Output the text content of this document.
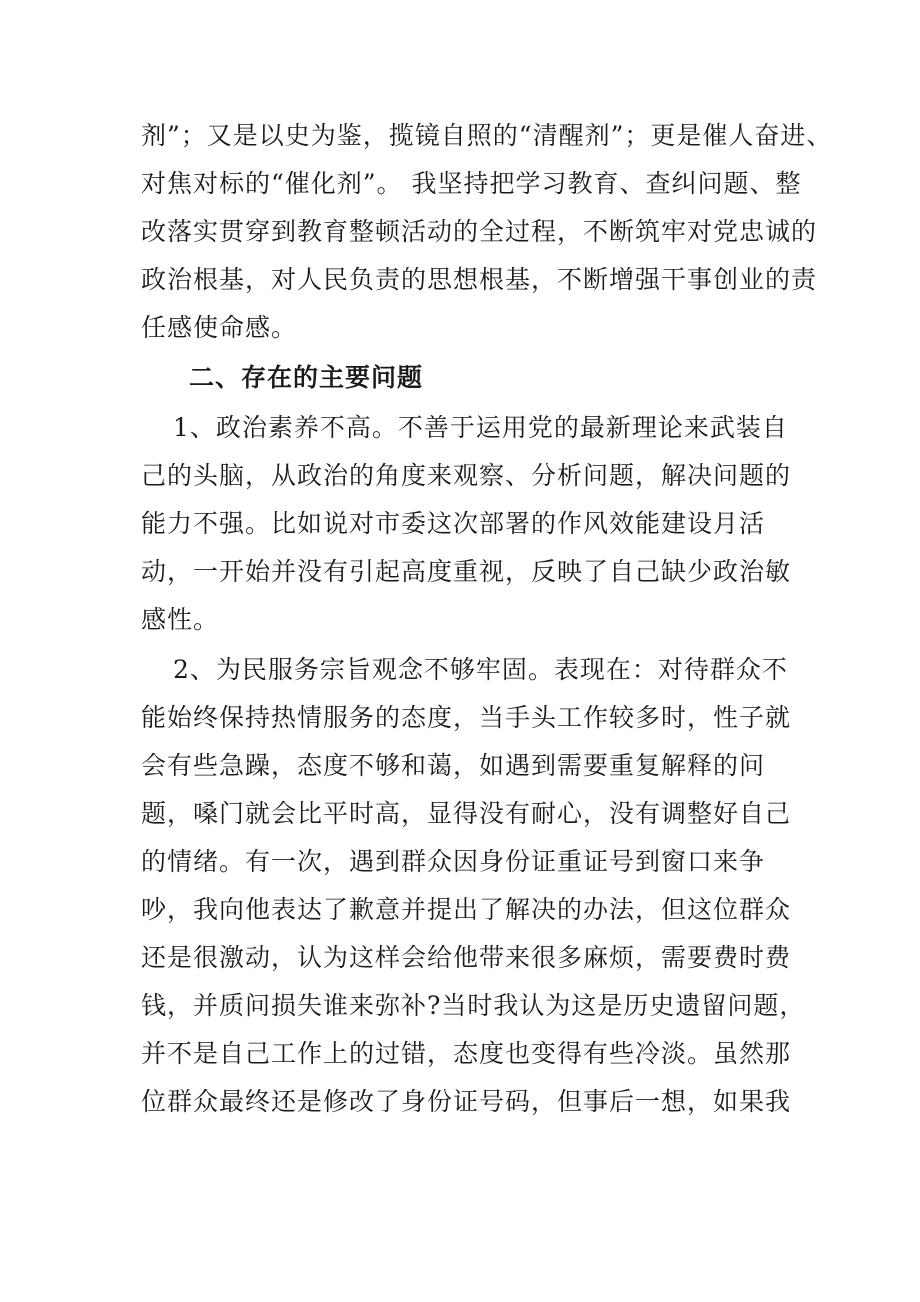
剂”；又是以史为鉴，揽镜自照的“清醒剂”；更是催人奋进、
对焦对标的“催化剂”。 我坚持把学习教育、查纠问题、整
改落实贯穿到教育整顿活动的全过程，不断筑牢对党忠诚的
政治根基，对人民负责的思想根基，不断增强干事创业的责
任感使命感。
二、存在的主要问题
1、政治素养不高。不善于运用党的最新理论来武装自
己的头脑，从政治的角度来观察、分析问题，解决问题的
能力不强。比如说对市委这次部署的作风效能建设月活
动，一开始并没有引起高度重视，反映了自己缺少政治敏
感性。
2、为民服务宗旨观念不够牢固。表现在：对待群众不
能始终保持热情服务的态度，当手头工作较多时，性子就
会有些急躁，态度不够和蔼，如遇到需要重复解释的问
题，嗓门就会比平时高，显得没有耐心，没有调整好自己
的情绪。有一次，遇到群众因身份证重证号到窗口来争
吵，我向他表达了歉意并提出了解决的办法，但这位群众
还是很激动，认为这样会给他带来很多麻烦，需要费时费
钱，并质问损失谁来弥补?当时我认为这是历史遗留问题，
并不是自己工作上的过错，态度也变得有些冷淡。虽然那
位群众最终还是修改了身份证号码，但事后一想，如果我
